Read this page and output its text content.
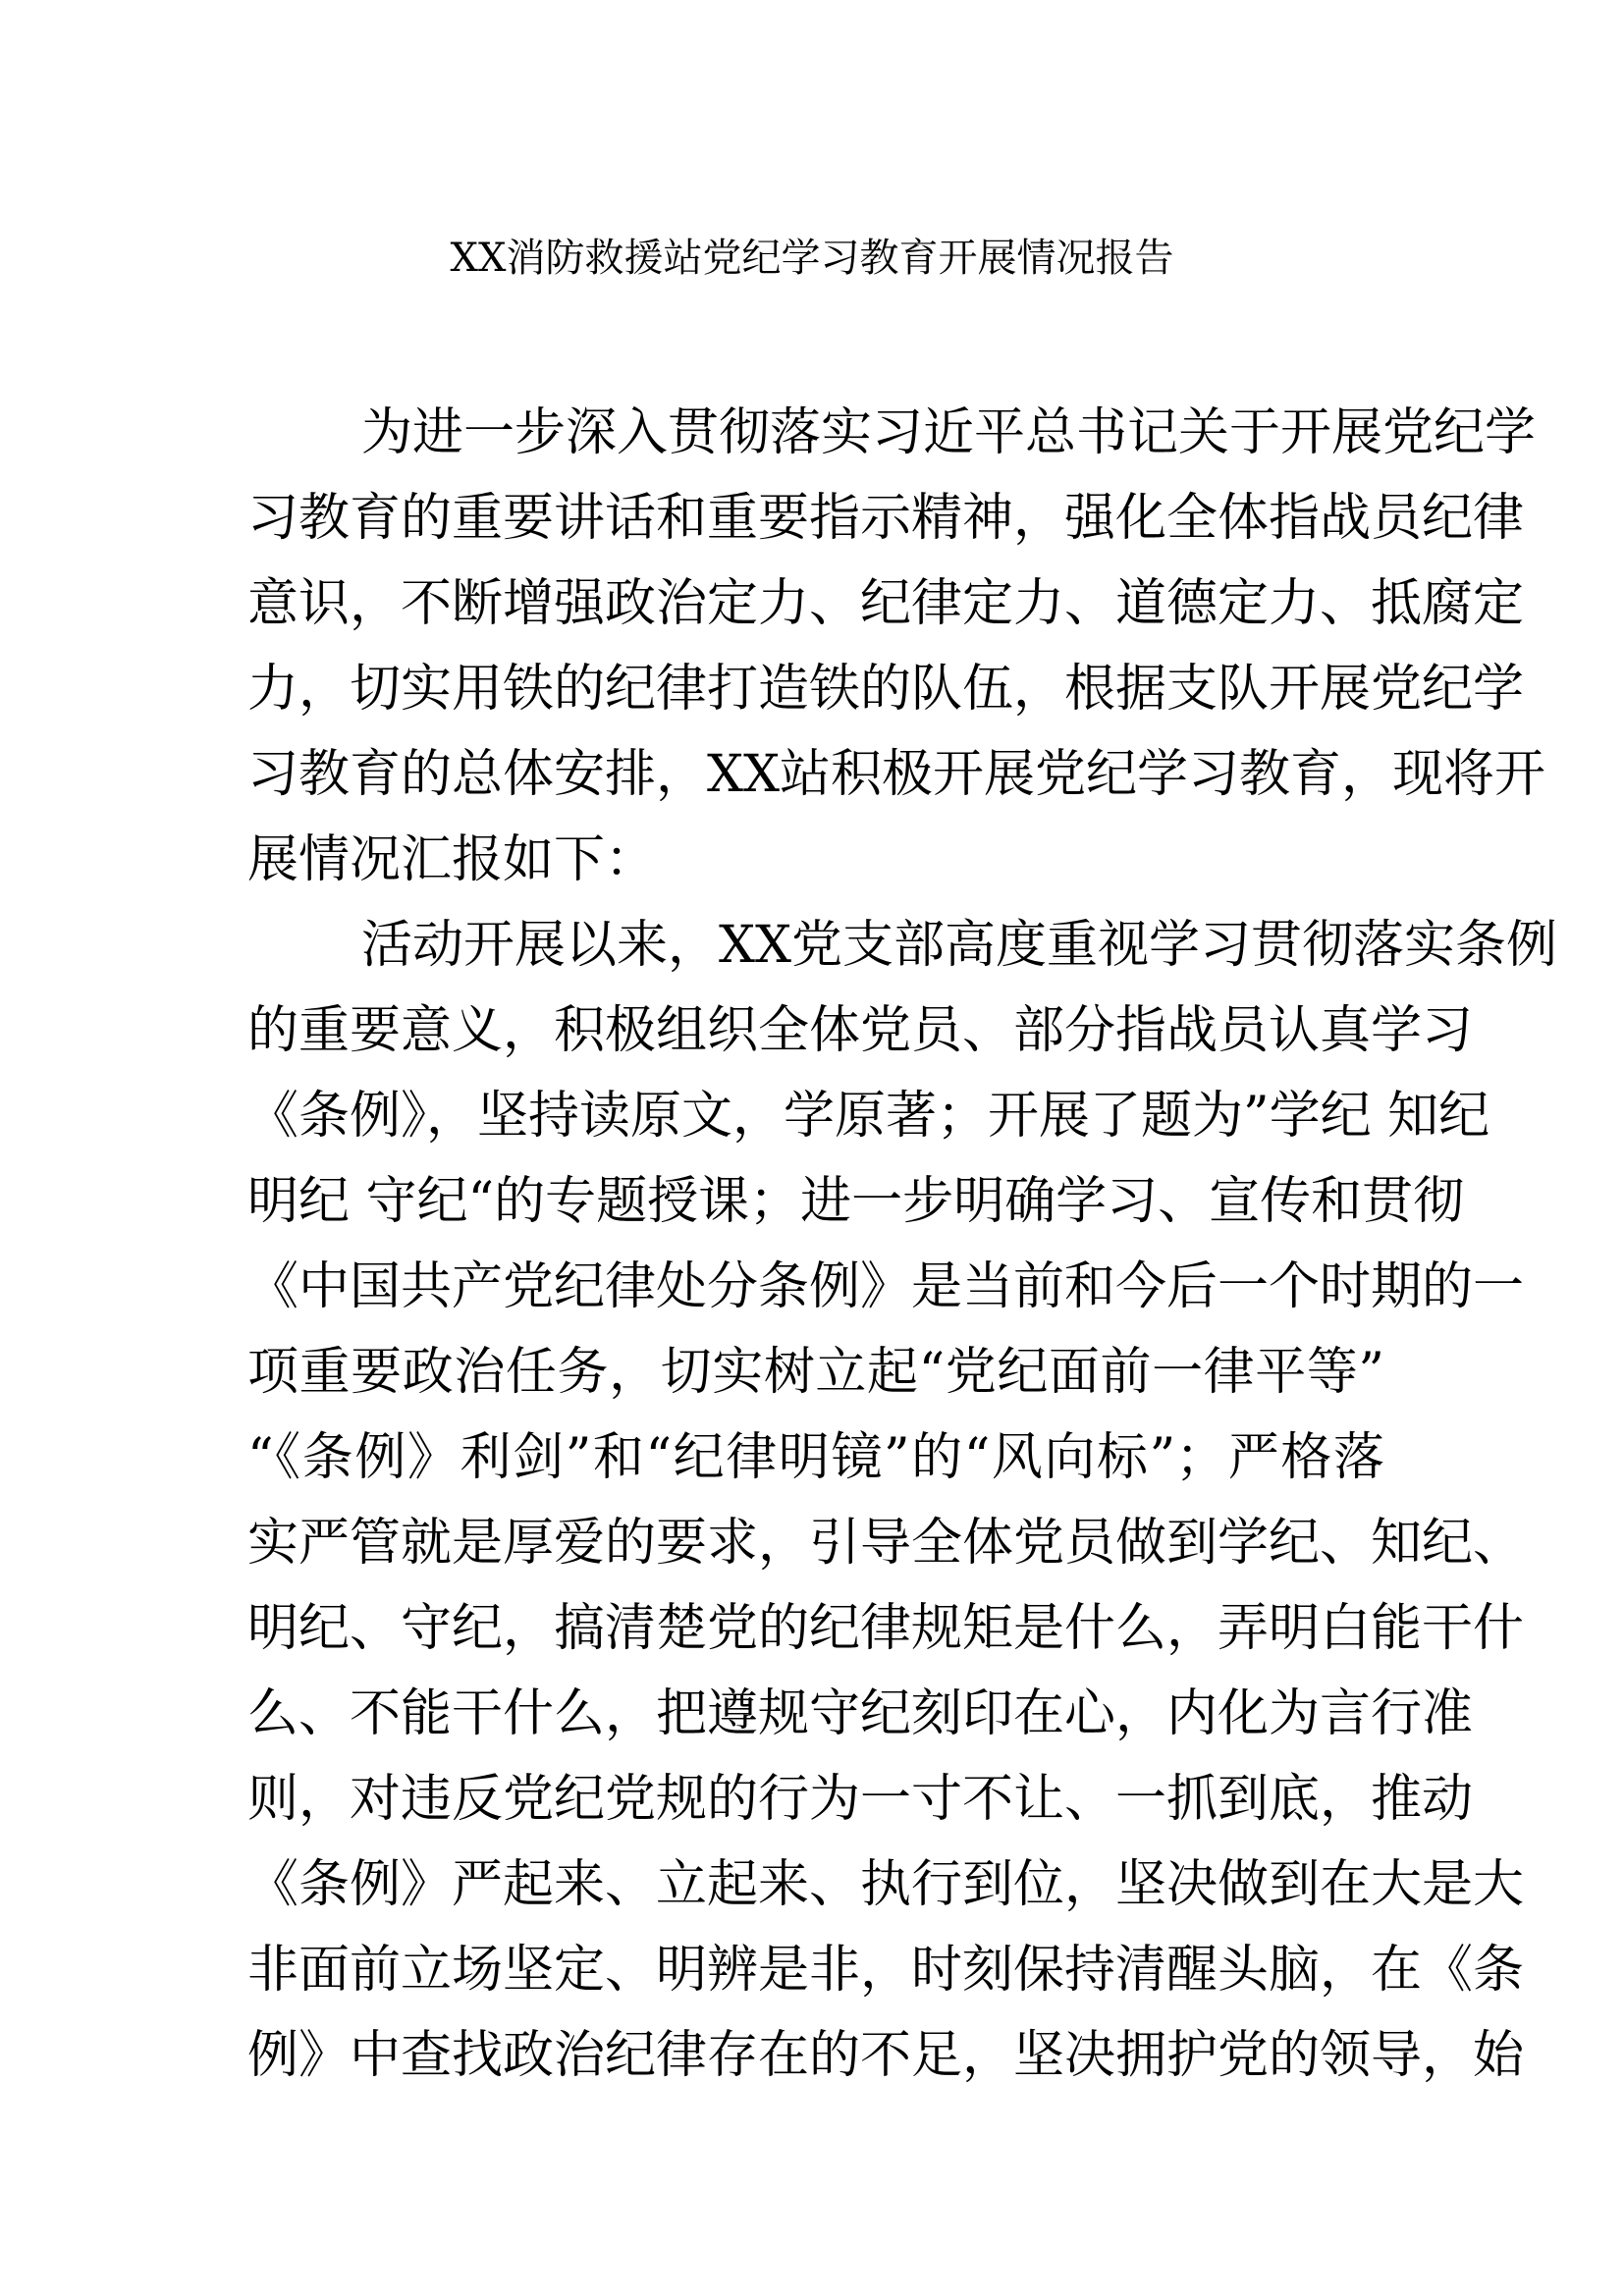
XX消防救援站党纪学习教育开展情况报告
为进一步深入贯彻落实习近平总书记关于开展党纪学
习教育的重要讲话和重要指示精神，强化全体指战员纪律
意识，不断增强政治定力、纪律定力、道德定力、抵腐定
力，切实用铁的纪律打造铁的队伍，根据支队开展党纪学
习教育的总体安排，XX站积极开展党纪学习教育，现将开
展情况汇报如下：
活动开展以来，XX党支部高度重视学习贯彻落实条例
的重要意义，积极组织全体党员、部分指战员认真学习
《条例》，坚持读原文，学原著；开展了题为”学纪 知纪
明纪 守纪“的专题授课；进一步明确学习、宣传和贯彻
《中国共产党纪律处分条例》是当前和今后一个时期的一
项重要政治任务，切实树立起“党纪面前一律平等”
“《条例》利剑”和“纪律明镜”的“风向标”；严格落
实严管就是厚爱的要求，引导全体党员做到学纪、知纪、
明纪、守纪，搞清楚党的纪律规矩是什么，弄明白能干什
么、不能干什么，把遵规守纪刻印在心，内化为言行准
则，对违反党纪党规的行为一寸不让、一抓到底，推动
《条例》严起来、立起来、执行到位，坚决做到在大是大
非面前立场坚定、明辨是非，时刻保持清醒头脑，在《条
例》中查找政治纪律存在的不足，坚决拥护党的领导，始
